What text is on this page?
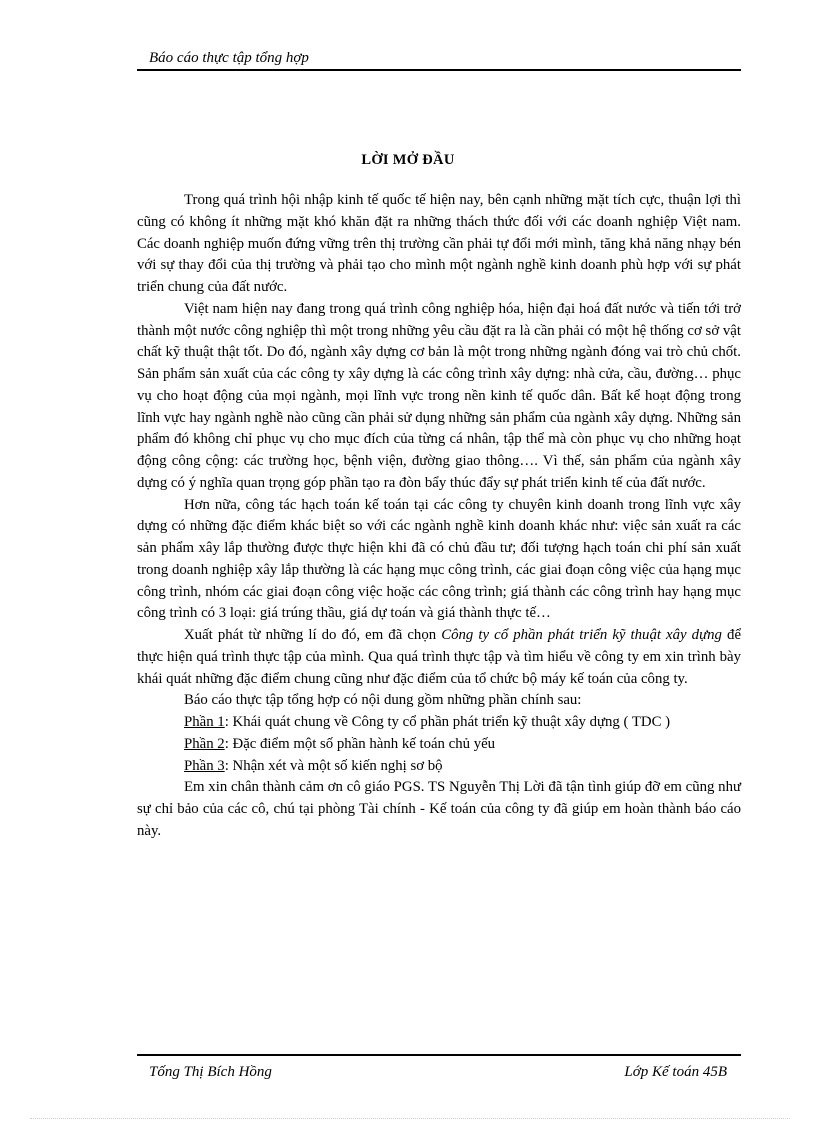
Báo cáo thực tập tổng hợp
LỜI MỞ ĐẦU

Trong quá trình hội nhập kinh tế quốc tế hiện nay, bên cạnh những mặt tích cực, thuận lợi thì cũng có không ít những mặt khó khăn đặt ra những thách thức đối với các doanh nghiệp Việt nam. Các doanh nghiệp muốn đứng vững trên thị trường cần phải tự đổi mới mình, tăng khả năng nhạy bén với sự thay đổi của thị trường và phải tạo cho mình một ngành nghề kinh doanh phù hợp với sự phát triển chung của đất nước.

Việt nam hiện nay đang trong quá trình công nghiệp hóa, hiện đại hoá đất nước và tiến tới trở thành một nước công nghiệp thì một trong những yêu cầu đặt ra là cần phải có một hệ thống cơ sở vật chất kỹ thuật thật tốt. Do đó, ngành xây dựng cơ bản là một trong những ngành đóng vai trò chủ chốt. Sản phẩm sản xuất của các công ty xây dựng là các công trình xây dựng: nhà cửa, cầu, đường… phục vụ cho hoạt động của mọi ngành, mọi lĩnh vực trong nền kinh tế quốc dân. Bất kể hoạt động trong lĩnh vực hay ngành nghề nào cũng cần phải sử dụng những sản phẩm của ngành xây dựng. Những sản phẩm đó không chỉ phục vụ cho mục đích của từng cá nhân, tập thể mà còn phục vụ cho những hoạt động công cộng: các trường học, bệnh viện, đường giao thông…. Vì thế, sản phẩm của ngành xây dựng có ý nghĩa quan trọng góp phần tạo ra đòn bẩy thúc đẩy sự phát triển kinh tế của đất nước.

Hơn nữa, công tác hạch toán kế toán tại các công ty chuyên kinh doanh trong lĩnh vực xây dựng có những đặc điểm khác biệt so với các ngành nghề kinh doanh khác như: việc sản xuất ra các sản phẩm xây lắp thường được thực hiện khi đã có chủ đầu tư; đối tượng hạch toán chi phí sản xuất trong doanh nghiệp xây lắp thường là các hạng mục công trình, các giai đoạn công việc của hạng mục công trình, nhóm các giai đoạn công việc hoặc các công trình; giá thành các công trình hay hạng mục công trình có 3 loại: giá trúng thầu, giá dự toán và giá thành thực tế…

Xuất phát từ những lí do đó, em đã chọn Công ty cổ phần phát triển kỹ thuật xây dựng để thực hiện quá trình thực tập của mình. Qua quá trình thực tập và tìm hiểu về công ty em xin trình bày khái quát những đặc điểm chung cũng như đặc điểm của tổ chức bộ máy kế toán của công ty.

Báo cáo thực tập tổng hợp có nội dung gồm những phần chính sau:

Phần 1: Khái quát chung về Công ty cổ phần phát triển kỹ thuật xây dựng ( TDC )

Phần 2: Đặc điểm một số phần hành kế toán chủ yếu

Phần 3: Nhận xét và một số kiến nghị sơ bộ

Em xin chân thành cảm ơn cô giáo PGS. TS Nguyễn Thị Lời đã tận tình giúp đỡ em cũng như sự chỉ bảo của các cô, chú tại phòng Tài chính - Kế toán của công ty đã giúp em hoàn thành báo cáo này.

Tống Thị Bích Hồng	Lớp Kế toán 45B
